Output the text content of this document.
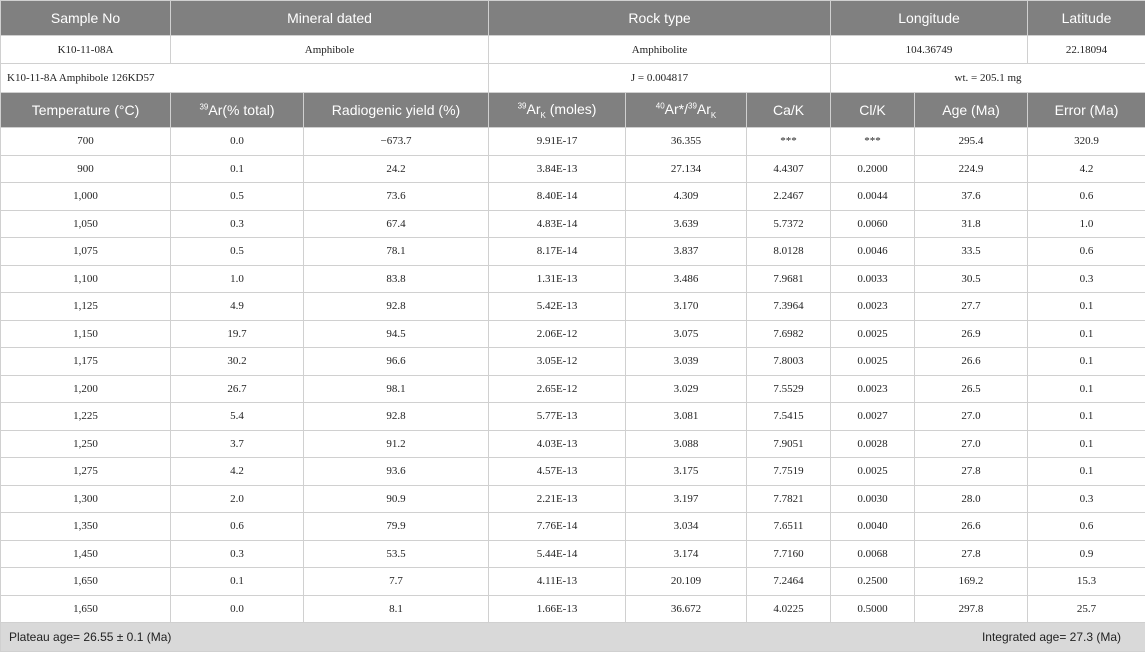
Sample No	Mineral dated		Rock type			Longitude		Latitude
K10-11-08A	Amphibole		Amphibolite			104.36749		22.18094
K10-11-8A Amphibole 126KD57			J = 0.004817			wt. = 205.1 mg		
Temperature (°C)	$^{39}$Ar(% total)	Radiogenic yield (%)	$^{39}Ar_K$ (moles)	$^{40}Ar*/^{39}Ar_K$	Ca/K	Cl/K	Age (Ma)	Error (Ma)
700	0.0	−673.7	9.91E-17	36.355	***	***	295.4	320.9
900	0.1	24.2	3.84E-13	27.134	4.4307	0.2000	224.9	4.2
1,000	0.5	73.6	8.40E-14	4.309	2.2467	0.0044	37.6	0.6
1,050	0.3	67.4	4.83E-14	3.639	5.7372	0.0060	31.8	1.0
1,075	0.5	78.1	8.17E-14	3.837	8.0128	0.0046	33.5	0.6
1,100	1.0	83.8	1.31E-13	3.486	7.9681	0.0033	30.5	0.3
1,125	4.9	92.8	5.42E-13	3.170	7.3964	0.0023	27.7	0.1
1,150	19.7	94.5	2.06E-12	3.075	7.6982	0.0025	26.9	0.1
1,175	30.2	96.6	3.05E-12	3.039	7.8003	0.0025	26.6	0.1
1,200	26.7	98.1	2.65E-12	3.029	7.5529	0.0023	26.5	0.1
1,225	5.4	92.8	5.77E-13	3.081	7.5415	0.0027	27.0	0.1
1,250	3.7	91.2	4.03E-13	3.088	7.9051	0.0028	27.0	0.1
1,275	4.2	93.6	4.57E-13	3.175	7.7519	0.0025	27.8	0.1
1,300	2.0	90.9	2.21E-13	3.197	7.7821	0.0030	28.0	0.3
1,350	0.6	79.9	7.76E-14	3.034	7.6511	0.0040	26.6	0.6
1,450	0.3	53.5	5.44E-14	3.174	7.7160	0.0068	27.8	0.9
1,650	0.1	7.7	4.11E-13	20.109	7.2464	0.2500	169.2	15.3
1,650	0.0	8.1	1.66E-13	36.672	4.0225	0.5000	297.8	25.7

Plateau age= 26.55 ± 0.1 (Ma) Integrated age= 27.3 (Ma)								
